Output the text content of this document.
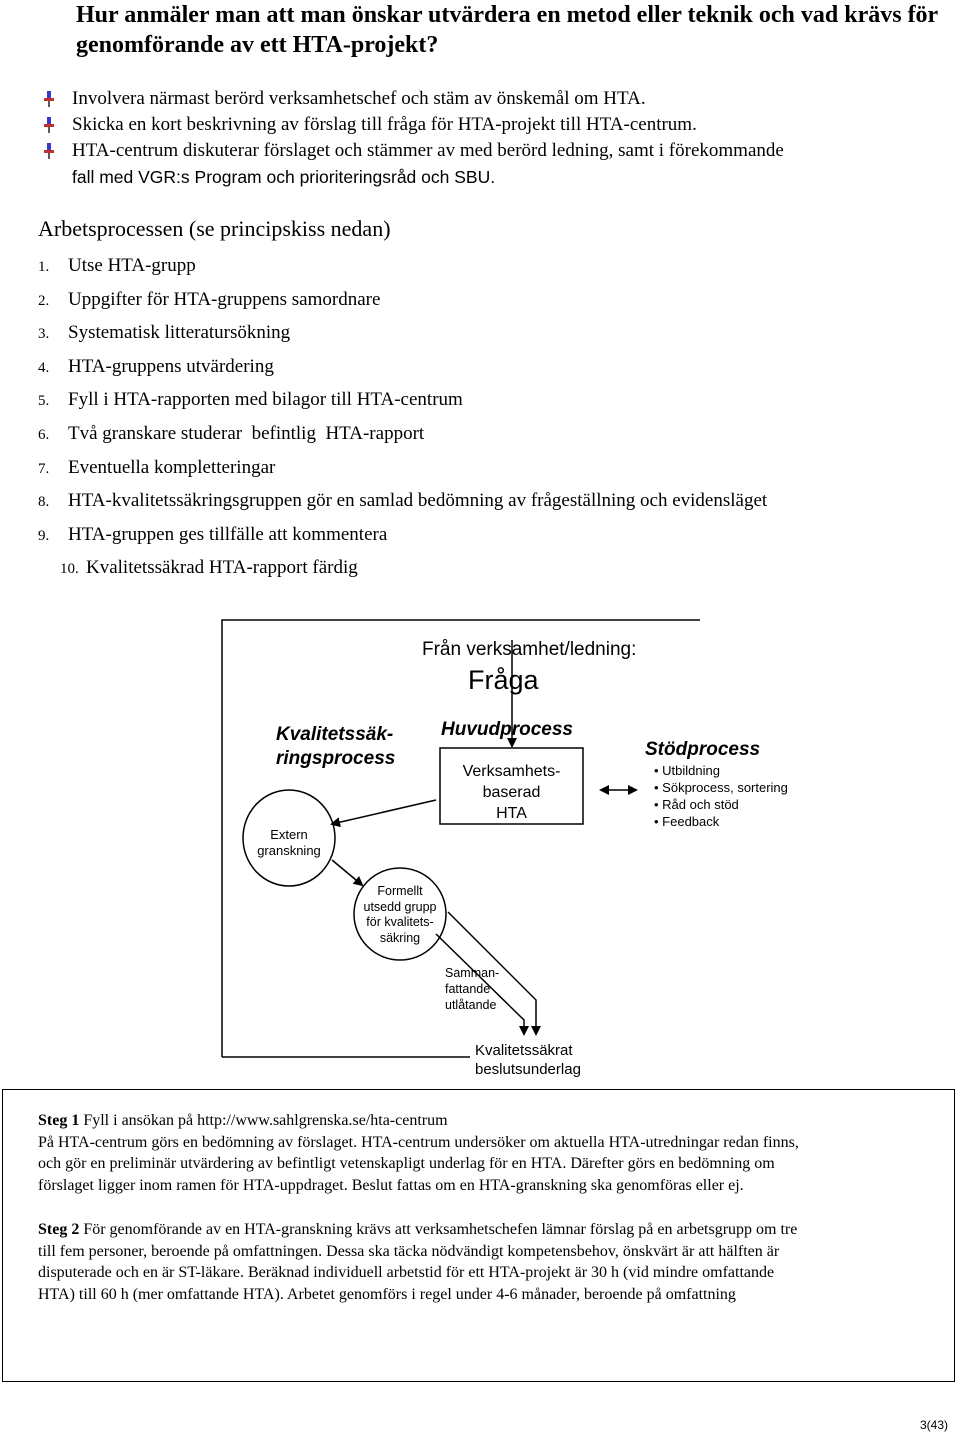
Hur anmäler man att man önskar utvärdera en metod eller teknik och vad krävs för genomförande av ett HTA-projekt?
Involvera närmast berörd verksamhetschef och stäm av önskemål om HTA.
Skicka en kort beskrivning av förslag till fråga för HTA-projekt till HTA-centrum.
HTA-centrum diskuterar förslaget och stämmer av med berörd ledning, samt i förekommande
fall med VGR:s Program och prioriteringsråd och SBU.
Arbetsprocessen (se principskiss nedan)
1. Utse HTA-grupp
2. Uppgifter för HTA-gruppens samordnare
3. Systematisk litteratursökning
4. HTA-gruppens utvärdering
5. Fyll i HTA-rapporten med bilagor till HTA-centrum
6. Två granskare studerar  befintlig  HTA-rapport
7. Eventuella kompletteringar
8. HTA-kvalitetssäkringsgruppen gör en samlad bedömning av frågeställning och evidensläget
9. HTA-gruppen ges tillfälle att kommentera
10. Kvalitetssäkrad HTA-rapport färdig
Från verksamhet/ledning:
Fråga
Kvalitetssäk-
ringsprocess
Huvudprocess
Verksamhets-
baserad
HTA
Stödprocess
• Utbildning
• Sökprocess, sortering
• Råd och stöd
• Feedback
Extern
granskning
Formellt
utsedd grupp
för kvalitets-
säkring
Samman-
fattande
utlåtande
Kvalitetssäkrat
beslutsunderlag

Steg 1 Fyll i ansökan på http://www.sahlgrenska.se/hta-centrum
På HTA-centrum görs en bedömning av förslaget. HTA-centrum undersöker om aktuella HTA-utredningar redan finns,
och gör en preliminär utvärdering av befintligt vetenskapligt underlag för en HTA. Därefter görs en bedömning om
förslaget ligger inom ramen för HTA-uppdraget. Beslut fattas om en HTA-granskning ska genomföras eller ej.

Steg 2 För genomförande av en HTA-granskning krävs att verksamhetschefen lämnar förslag på en arbetsgrupp om tre
till fem personer, beroende på omfattningen. Dessa ska täcka nödvändigt kompetensbehov, önskvärt är att hälften är
disputerade och en är ST-läkare. Beräknad individuell arbetstid för ett HTA-projekt är 30 h (vid mindre omfattande
HTA) till 60 h (mer omfattande HTA). Arbetet genomförs i regel under 4-6 månader, beroende på omfattning

3(43)
